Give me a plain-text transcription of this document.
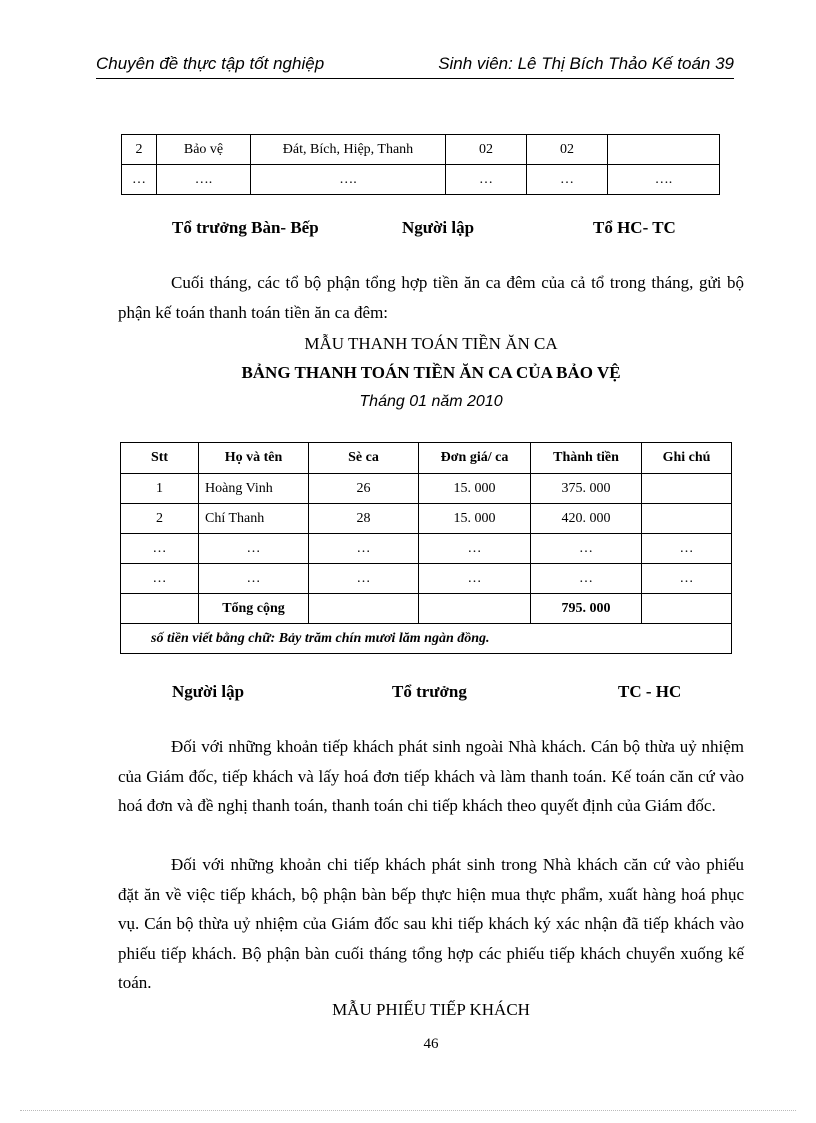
Chuyên đề thực tập tốt nghiệp	Sinh viên: Lê Thị Bích Thảo Kế toán 39
2	Bảo vệ	Đát, Bích, Hiệp, Thanh	02	02	
…	….	….	…	…	….
Tổ trưởng Bàn- Bếp	Người lập	Tổ HC- TC
Cuối tháng, các tổ bộ phận tổng hợp tiền ăn ca đêm của cả tổ trong tháng, gửi bộ phận kế toán thanh toán tiền ăn ca đêm:
MẪU THANH TOÁN TIỀN ĂN CA
BẢNG THANH TOÁN TIỀN ĂN CA CỦA BẢO VỆ
Tháng 01 năm 2010
Stt	Họ và tên	Sè ca	Đơn giá/ ca	Thành tiền	Ghi chú
1	Hoàng Vinh	26	15. 000	375. 000	
2	Chí Thanh	28	15. 000	420. 000	
…	…	…	…	…	…
…	…	…	…	…	…
	Tổng cộng			795. 000	
số tiền viết bằng chữ: Bảy trăm chín mươi lăm ngàn đồng.					
Người lập	Tổ trưởng	TC - HC
Đối với những khoản tiếp khách phát sinh ngoài Nhà khách. Cán bộ thừa uỷ nhiệm của Giám đốc, tiếp khách và lấy hoá đơn tiếp khách và làm thanh toán. Kế toán căn cứ vào hoá đơn và đề nghị thanh toán, thanh toán chi tiếp khách theo quyết định của Giám đốc.
Đối với những khoản chi tiếp khách phát sinh trong Nhà khách căn cứ vào phiếu đặt ăn về việc tiếp khách, bộ phận bàn bếp thực hiện mua thực phẩm, xuất hàng hoá phục vụ. Cán bộ thừa uỷ nhiệm của Giám đốc sau khi tiếp khách ký xác nhận đã tiếp khách vào phiếu tiếp khách. Bộ phận bàn cuối tháng tổng hợp các phiếu tiếp khách chuyển xuống kế toán.
MẪU PHIẾU TIẾP KHÁCH
46
